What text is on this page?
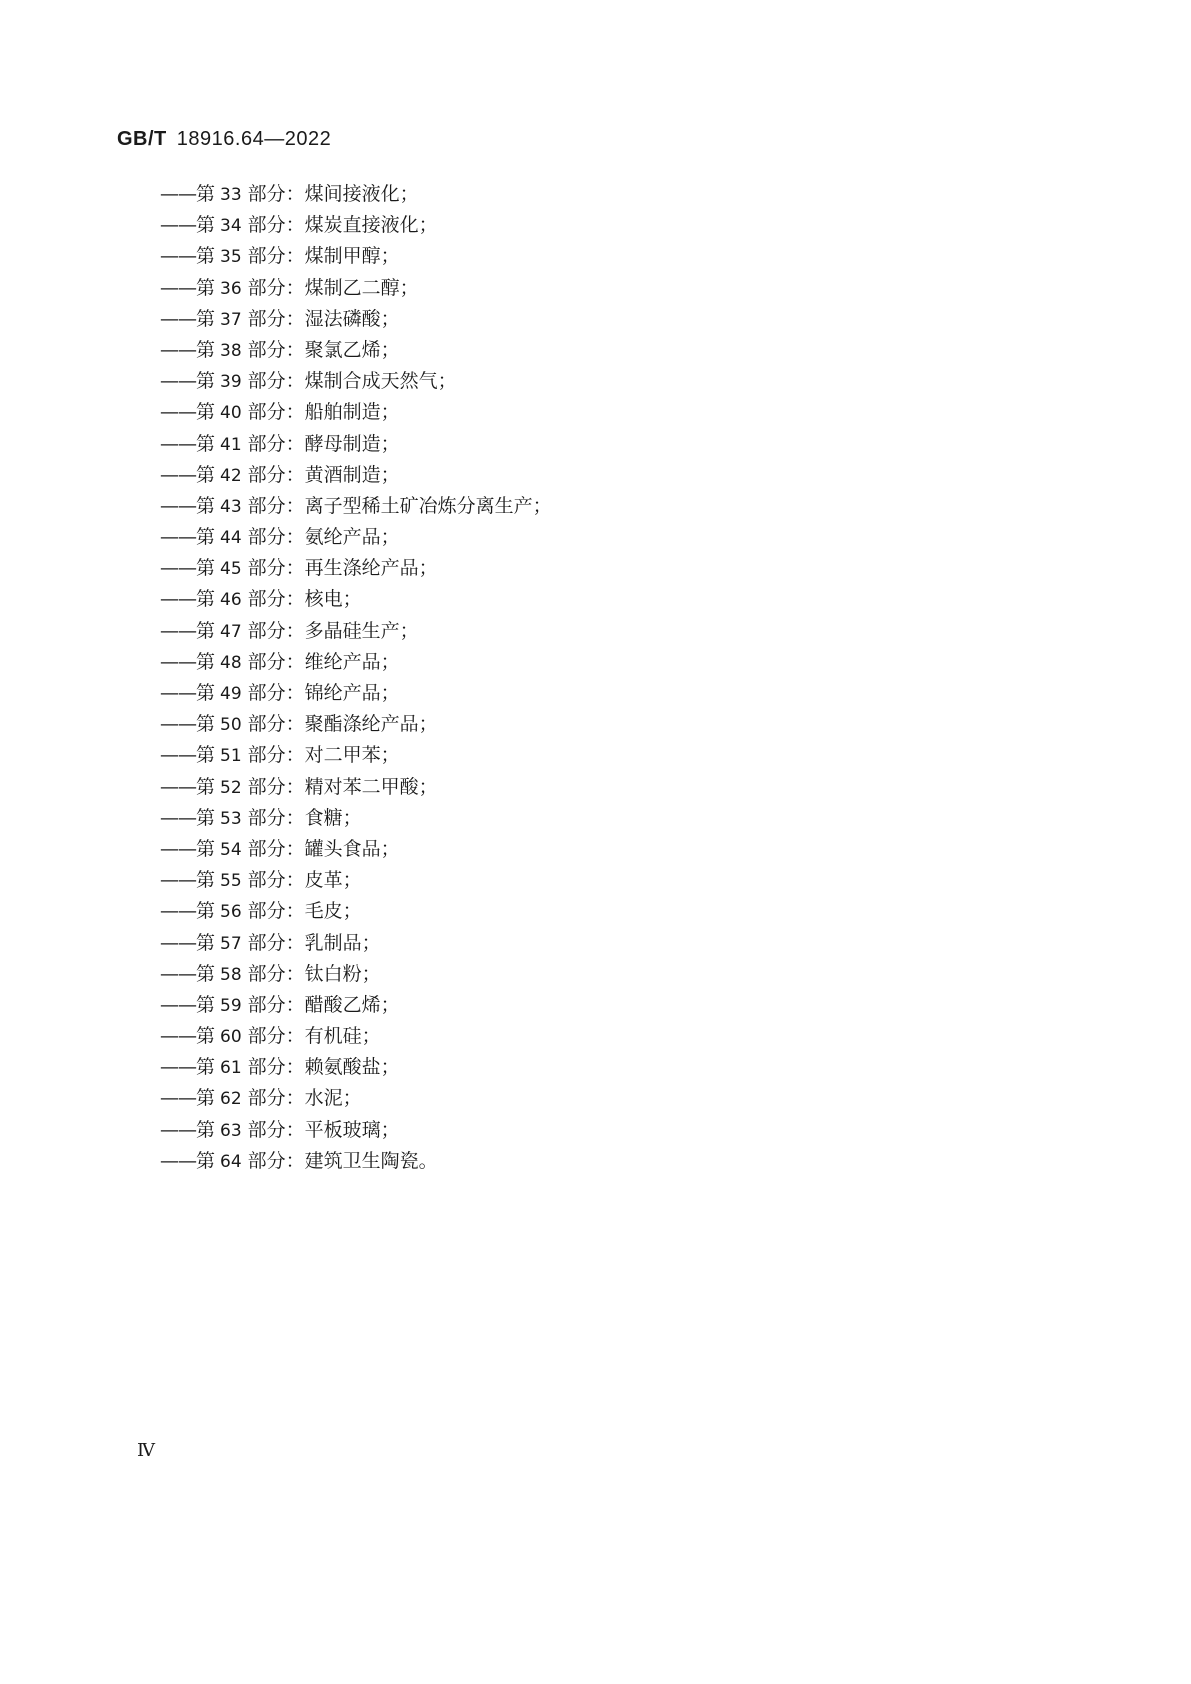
GB/T 18916.64—2022
——第 33 部分：煤间接液化；
——第 34 部分：煤炭直接液化；
——第 35 部分：煤制甲醇；
——第 36 部分：煤制乙二醇；
——第 37 部分：湿法磷酸；
——第 38 部分：聚氯乙烯；
——第 39 部分：煤制合成天然气；
——第 40 部分：船舶制造；
——第 41 部分：酵母制造；
——第 42 部分：黄酒制造；
——第 43 部分：离子型稀土矿冶炼分离生产；
——第 44 部分：氨纶产品；
——第 45 部分：再生涤纶产品；
——第 46 部分：核电；
——第 47 部分：多晶硅生产；
——第 48 部分：维纶产品；
——第 49 部分：锦纶产品；
——第 50 部分：聚酯涤纶产品；
——第 51 部分：对二甲苯；
——第 52 部分：精对苯二甲酸；
——第 53 部分：食糖；
——第 54 部分：罐头食品；
——第 55 部分：皮革；
——第 56 部分：毛皮；
——第 57 部分：乳制品；
——第 58 部分：钛白粉；
——第 59 部分：醋酸乙烯；
——第 60 部分：有机硅；
——第 61 部分：赖氨酸盐；
——第 62 部分：水泥；
——第 63 部分：平板玻璃；
——第 64 部分：建筑卫生陶瓷。
Ⅳ
